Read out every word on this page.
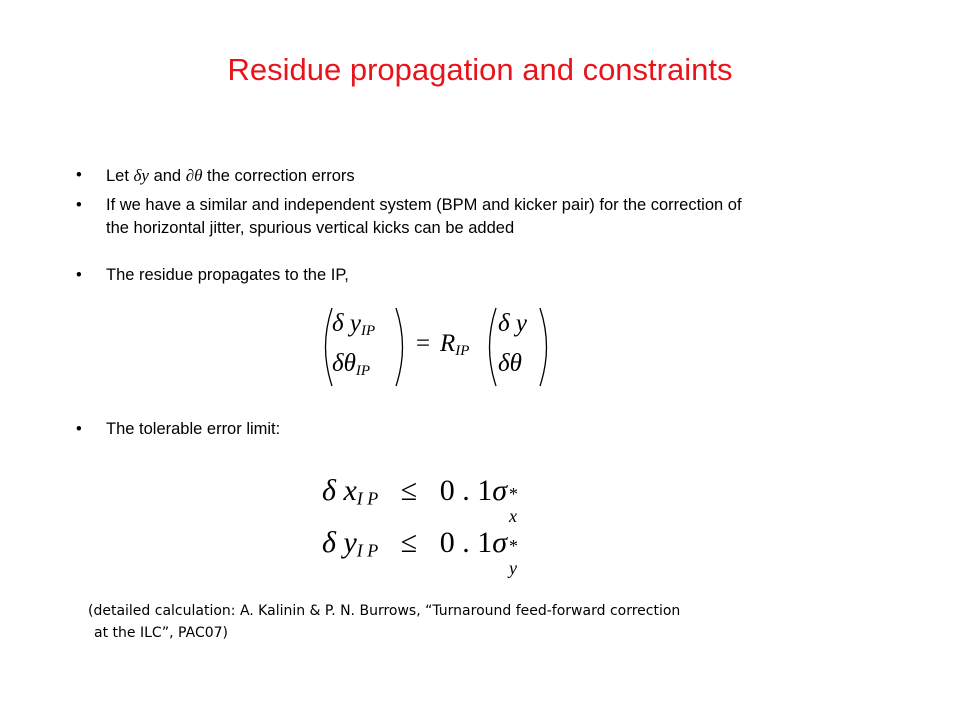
Residue propagation and constraints
• Let δy and ∂θ the correction errors
• If we have a similar and independent system (BPM and kicker pair) for the correction of
the horizontal jitter, spurious vertical kicks can be added
• The residue propagates to the IP,
δ $y_{IP}$
$\delta\theta_{IP}$
= $R_{IP}$
δ y
δθ
• The tolerable error limit:
δ $x_{I P} \le 0$ . 1σ *
x
δ $y_{I P} \le 0$ . 1σ *
y
(detailed calculation: A. Kalinin & P. N. Burrows, “Turnaround feed-forward correction
at the ILC”, PAC07)
